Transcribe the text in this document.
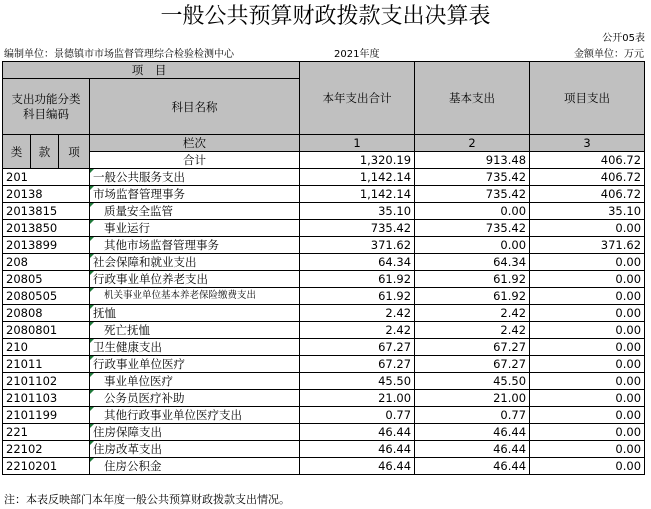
一般公共预算财政拨款支出决算表
公开05表
编制单位：景德镇市市场监督管理综合检验检测中心	2021年度	金额单位：万元
项 目				本年支出合计	基本支出	项目支出
支出功能分类
科目编码			科目名称			

类	款	项	栏次	1	2	3
			合计	1,320.19	913.48	406.72
201			一般公共服务支出	1,142.14	735.42	406.72
20138			市场监督管理事务	1,142.14	735.42	406.72
2013815			质量安全监管	35.10	0.00	35.10
2013850			事业运行	735.42	735.42	0.00
2013899			其他市场监督管理事务	371.62	0.00	371.62
208			社会保障和就业支出	64.34	64.34	0.00
20805			行政事业单位养老支出	61.92	61.92	0.00
2080505			机关事业单位基本养老保险缴费支出	61.92	61.92	0.00
20808			抚恤	2.42	2.42	0.00
2080801			死亡抚恤	2.42	2.42	0.00
210			卫生健康支出	67.27	67.27	0.00
21011			行政事业单位医疗	67.27	67.27	0.00
2101102			事业单位医疗	45.50	45.50	0.00
2101103			公务员医疗补助	21.00	21.00	0.00
2101199			其他行政事业单位医疗支出	0.77	0.77	0.00
221			住房保障支出	46.44	46.44	0.00
22102			住房改革支出	46.44	46.44	0.00
2210201			住房公积金	46.44	46.44	0.00
注：本表反映部门本年度一般公共预算财政拨款支出情况。
